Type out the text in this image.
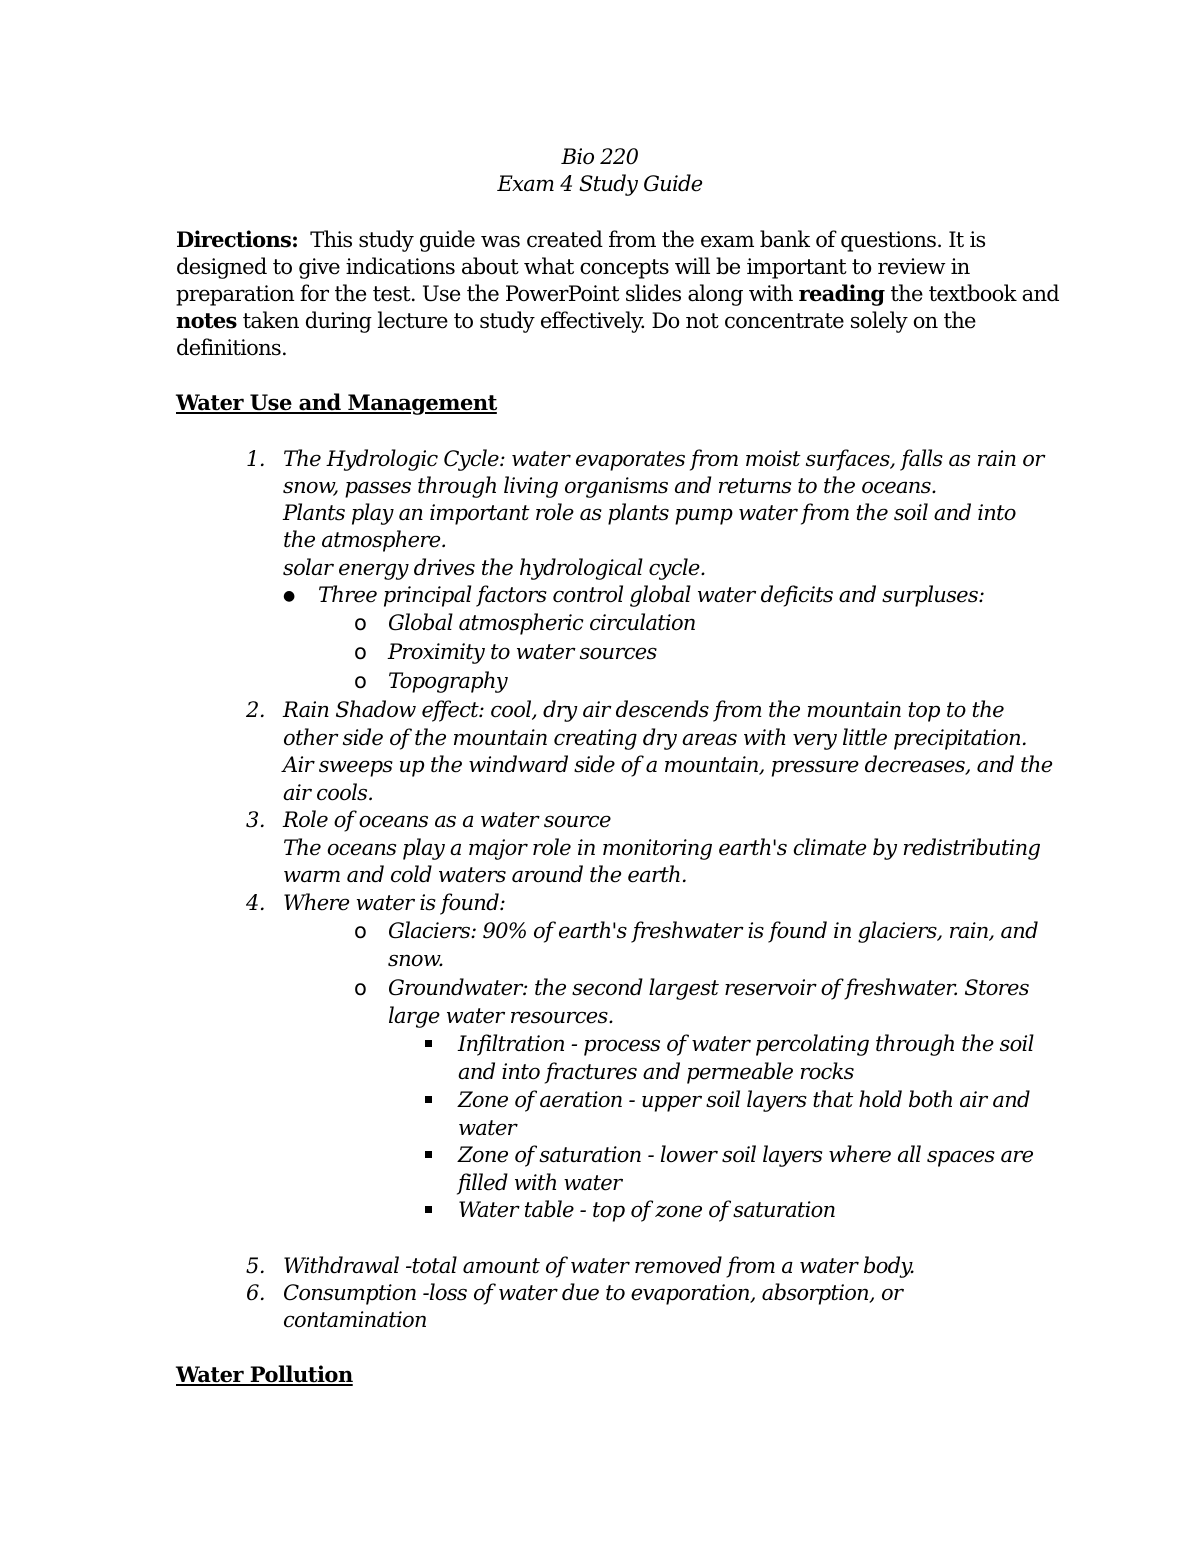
Bio 220
Exam 4 Study Guide
Directions: This study guide was created from the exam bank of questions. It is
designed to give indications about what concepts will be important to review in
preparation for the test. Use the PowerPoint slides along with reading the textbook and
notes taken during lecture to study effectively. Do not concentrate solely on the
definitions.
Water Use and Management
1. The Hydrologic Cycle: water evaporates from moist surfaces, falls as rain or
snow, passes through living organisms and returns to the oceans.
Plants play an important role as plants pump water from the soil and into
the atmosphere.
solar energy drives the hydrological cycle.
● Three principal factors control global water deficits and surpluses:
o Global atmospheric circulation
o Proximity to water sources
o Topography
2. Rain Shadow effect: cool, dry air descends from the mountain top to the
other side of the mountain creating dry areas with very little precipitation.
Air sweeps up the windward side of a mountain, pressure decreases, and the
air cools.
3. Role of oceans as a water source
The oceans play a major role in monitoring earth's climate by redistributing
warm and cold waters around the earth.
4. Where water is found:
o Glaciers: 90% of earth's freshwater is found in glaciers, rain, and
snow.
o Groundwater: the second largest reservoir of freshwater. Stores
large water resources.
Infiltration - process of water percolating through the soil
and into fractures and permeable rocks
Zone of aeration - upper soil layers that hold both air and
water
Zone of saturation - lower soil layers where all spaces are
filled with water
Water table - top of zone of saturation
5. Withdrawal -total amount of water removed from a water body.
6. Consumption -loss of water due to evaporation, absorption, or
contamination
Water Pollution
